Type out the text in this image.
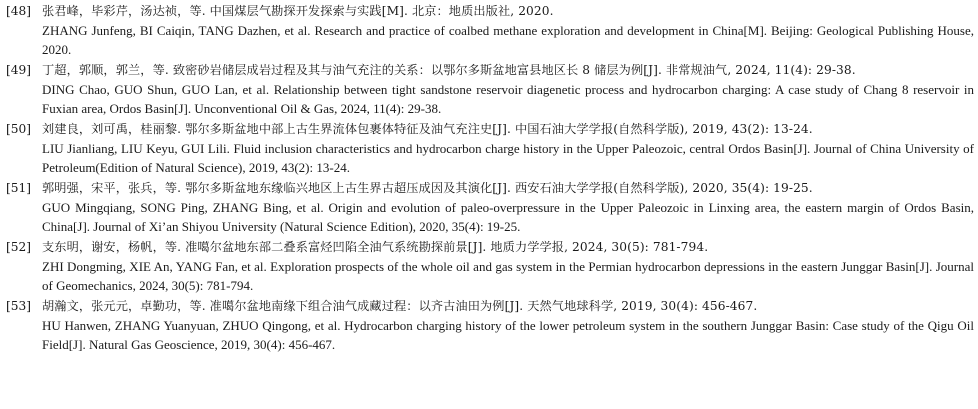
[48] 张君峰，毕彩芹，汤达祯，等. 中国煤层气勘探开发探索与实践[M]. 北京：地质出版社, 2020.
ZHANG Junfeng, BI Caiqin, TANG Dazhen, et al. Research and practice of coalbed methane exploration and development in China[M]. Beijing: Geological Publishing House, 2020.
[49] 丁超，郭顺，郭兰，等. 致密砂岩储层成岩过程及其与油气充注的关系：以鄂尔多斯盆地富县地区长 8 储层为例[J]. 非常规油气, 2024, 11(4): 29-38.
DING Chao, GUO Shun, GUO Lan, et al. Relationship between tight sandstone reservoir diagenetic process and hydrocarbon charging: A case study of Chang 8 reservoir in Fuxian area, Ordos Basin[J]. Unconventional Oil & Gas, 2024, 11(4): 29-38.
[50] 刘建良，刘可禹，桂丽黎. 鄂尔多斯盆地中部上古生界流体包裹体特征及油气充注史[J]. 中国石油大学学报(自然科学版), 2019, 43(2): 13-24.
LIU Jianliang, LIU Keyu, GUI Lili. Fluid inclusion characteristics and hydrocarbon charge history in the Upper Paleozoic, central Ordos Basin[J]. Journal of China University of Petroleum(Edition of Natural Science), 2019, 43(2): 13-24.
[51] 郭明强，宋平，张兵，等. 鄂尔多斯盆地东缘临兴地区上古生界古超压成因及其演化[J]. 西安石油大学学报(自然科学版), 2020, 35(4): 19-25.
GUO Mingqiang, SONG Ping, ZHANG Bing, et al. Origin and evolution of paleo-overpressure in the Upper Paleozoic in Linxing area, the eastern margin of Ordos Basin, China[J]. Journal of Xi’an Shiyou University (Natural Science Edition), 2020, 35(4): 19-25.
[52] 支东明，谢安，杨帆，等. 准噶尔盆地东部二叠系富烃凹陷全油气系统勘探前景[J]. 地质力学学报, 2024, 30(5): 781-794.
ZHI Dongming, XIE An, YANG Fan, et al. Exploration prospects of the whole oil and gas system in the Permian hydrocarbon depressions in the eastern Junggar Basin[J]. Journal of Geomechanics, 2024, 30(5): 781-794.
[53] 胡瀚文，张元元，卓勤功，等. 准噶尔盆地南缘下组合油气成藏过程：以齐古油田为例[J]. 天然气地球科学, 2019, 30(4): 456-467.
HU Hanwen, ZHANG Yuanyuan, ZHUO Qingong, et al. Hydrocarbon charging history of the lower petroleum system in the southern Junggar Basin: Case study of the Qigu Oil Field[J]. Natural Gas Geoscience, 2019, 30(4): 456-467.
